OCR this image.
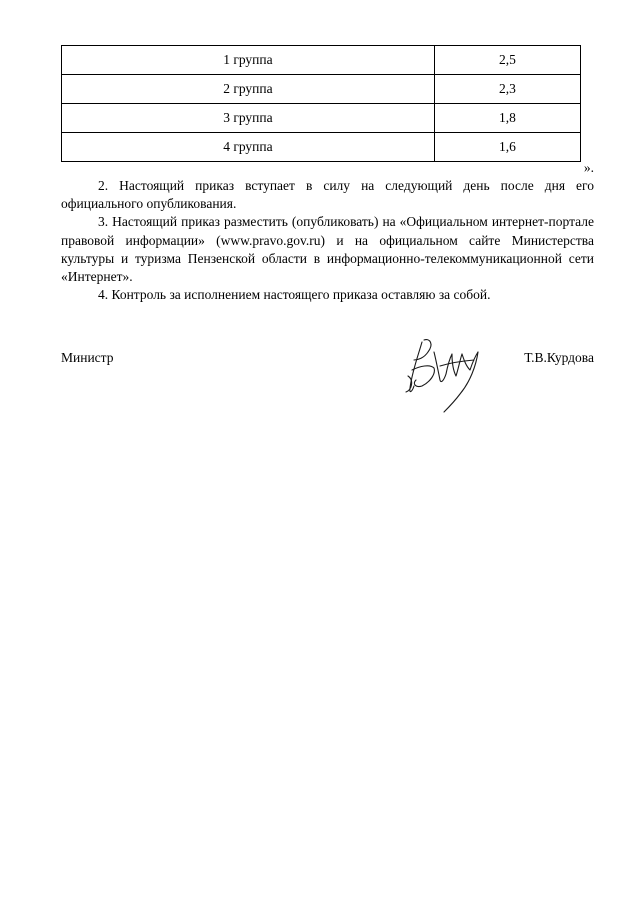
1 группа	2,5
2 группа	2,3
3 группа	1,8
4 группа	1,6
».

2. Настоящий приказ вступает в силу на следующий день после дня его официального опубликования.

3. Настоящий приказ разместить (опубликовать) на «Официальном интернет-портале правовой информации» (www.pravo.gov.ru) и на официальном сайте Министерства культуры и туризма Пензенской области в информационно-телекоммуникационной сети «Интернет».

4. Контроль за исполнением настоящего приказа оставляю за собой.

Министр	Т.В.Курдова
